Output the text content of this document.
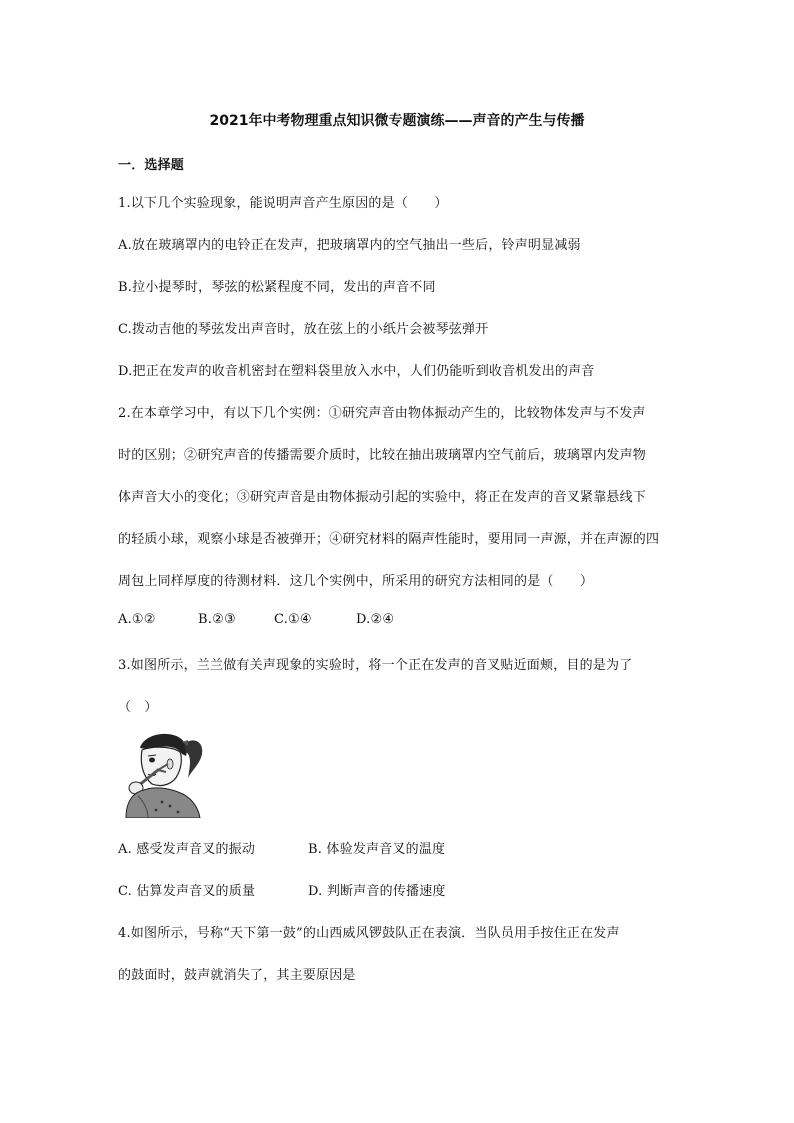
2021年中考物理重点知识微专题演练——声音的产生与传播
一．选择题
1.以下几个实验现象，能说明声音产生原因的是（　　）
A.放在玻璃罩内的电铃正在发声，把玻璃罩内的空气抽出一些后，铃声明显减弱
B.拉小提琴时，琴弦的松紧程度不同，发出的声音不同
C.拨动吉他的琴弦发出声音时，放在弦上的小纸片会被琴弦弹开
D.把正在发声的收音机密封在塑料袋里放入水中，人们仍能听到收音机发出的声音
2.在本章学习中，有以下几个实例：①研究声音由物体振动产生的，比较物体发声与不发声
时的区别；②研究声音的传播需要介质时，比较在抽出玻璃罩内空气前后，玻璃罩内发声物
体声音大小的变化；③研究声音是由物体振动引起的实验中，将正在发声的音叉紧靠悬线下
的轻质小球，观察小球是否被弹开；④研究材料的隔声性能时，要用同一声源，并在声源的四
周包上同样厚度的待测材料．这几个实例中，所采用的研究方法相同的是（　　）
A.①②	B.②③	C.①④	D.②④
3.如图所示，兰兰做有关声现象的实验时，将一个正在发声的音叉贴近面颊，目的是为了
（　）
A. 感受发声音叉的振动	B. 体验发声音叉的温度
C. 估算发声音叉的质量	D. 判断声音的传播速度
4.如图所示，号称“天下第一鼓”的山西威风锣鼓队正在表演．当队员用手按住正在发声
的鼓面时，鼓声就消失了，其主要原因是
